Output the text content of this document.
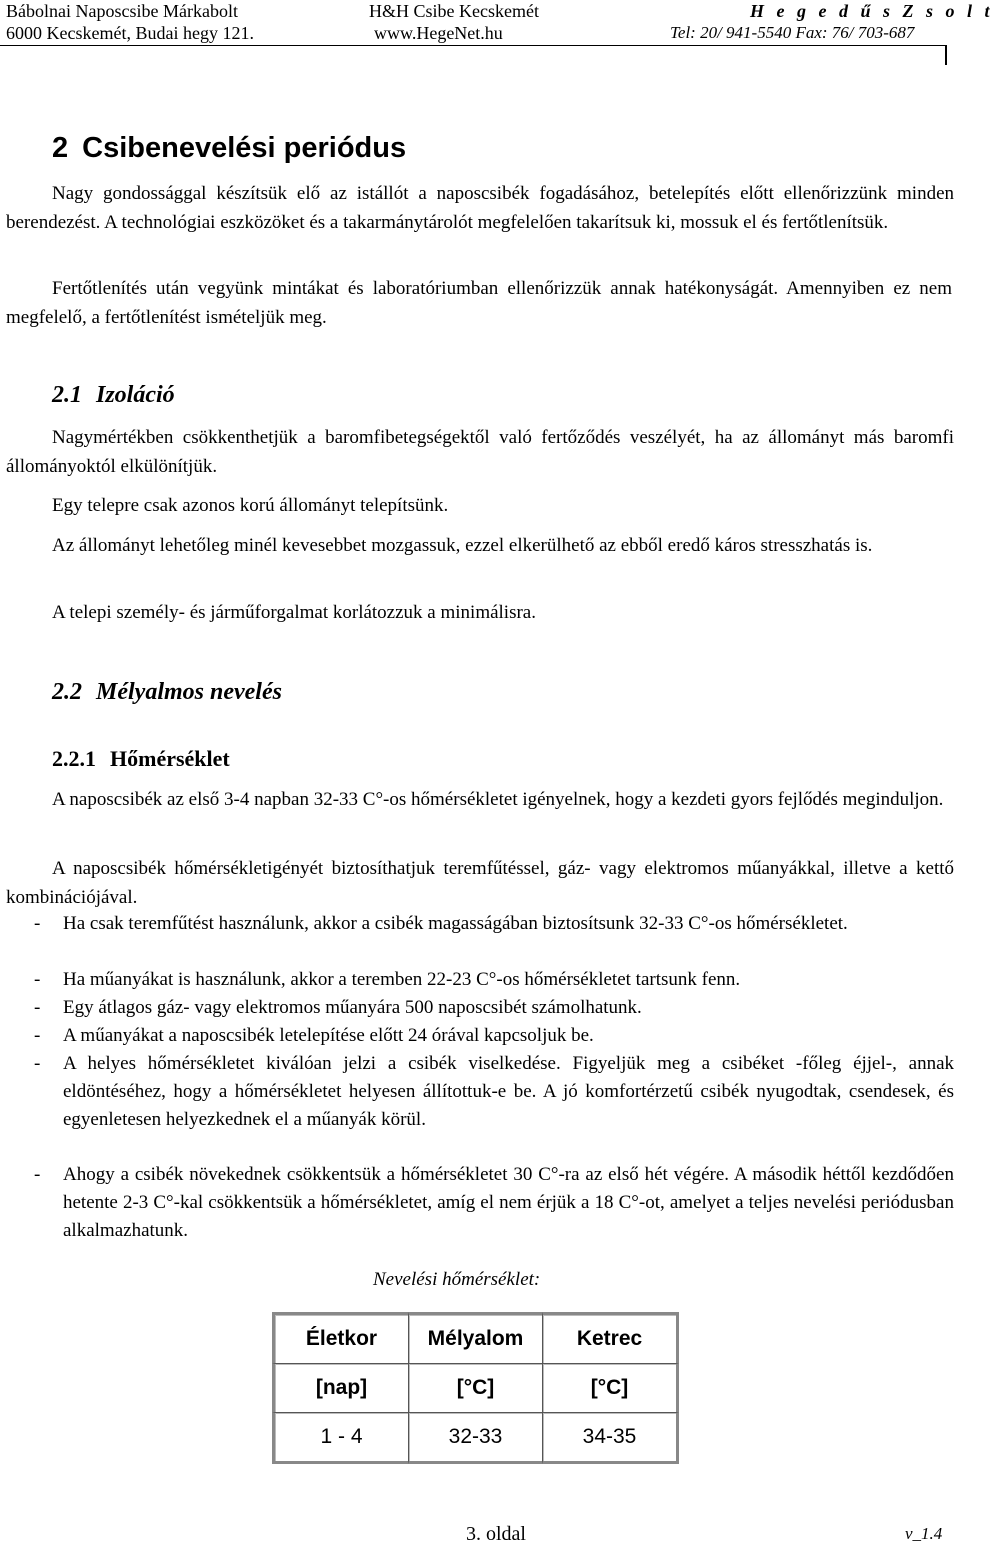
Bábolnai Naposcsibe Márkabolt
6000 Kecskemét, Budai hegy 121.
H&H Csibe Kecskemét
www.HegeNet.hu
H e g e d ű s Z s o l t
Tel: 20/ 941-5540 Fax: 76/ 703-687
2 Csibenevelési periódus
Nagy gondossággal készítsük elő az istállót a naposcsibék fogadásához, betelepítés előtt ellenőrizzünk minden berendezést. A technológiai eszközöket és a takarmánytárolót megfelelően takarítsuk ki, mossuk el és fertőtlenítsük.
Fertőtlenítés után vegyünk mintákat és laboratóriumban ellenőrizzük annak hatékonyságát. Amennyiben ez nem megfelelő, a fertőtlenítést ismételjük meg.
2.1 Izoláció
Nagymértékben csökkenthetjük a baromfibetegségektől való fertőződés veszélyét, ha az állományt más baromfi állományoktól elkülönítjük.
Egy telepre csak azonos korú állományt telepítsünk.
Az állományt lehetőleg minél kevesebbet mozgassuk, ezzel elkerülhető az ebből eredő káros stresszhatás is.
A telepi személy- és járműforgalmat korlátozzuk a minimálisra.
2.2 Mélyalmos nevelés
2.2.1 Hőmérséklet
A naposcsibék az első 3-4 napban 32-33 C°-os hőmérsékletet igényelnek, hogy a kezdeti gyors fejlődés meginduljon.
A naposcsibék hőmérsékletigényét biztosíthatjuk teremfűtéssel, gáz- vagy elektromos műanyákkal, illetve a kettő kombinációjával.
- Ha csak teremfűtést használunk, akkor a csibék magasságában biztosítsunk 32-33 C°-os hőmérsékletet.
- Ha műanyákat is használunk, akkor a teremben 22-23 C°-os hőmérsékletet tartsunk fenn.
- Egy átlagos gáz- vagy elektromos műanyára 500 naposcsibét számolhatunk.
- A műanyákat a naposcsibék letelepítése előtt 24 órával kapcsoljuk be.
- A helyes hőmérsékletet kiválóan jelzi a csibék viselkedése. Figyeljük meg a csibéket -főleg éjjel-, annak eldöntéséhez, hogy a hőmérsékletet helyesen állítottuk-e be. A jó komfortérzetű csibék nyugodtak, csendesek, és egyenletesen helyezkednek el a műanyák körül.
- Ahogy a csibék növekednek csökkentsük a hőmérsékletet 30 C°-ra az első hét végére. A második héttől kezdődően hetente 2-3 C°-kal csökkentsük a hőmérsékletet, amíg el nem érjük a 18 C°-ot, amelyet a teljes nevelési periódusban alkalmazhatunk.
Nevelési hőmérséklet:
Életkor	Mélyalom	Ketrec
[nap]	[°C]	[°C]
1 - 4	32-33	34-35
3. oldal	v_1.4
